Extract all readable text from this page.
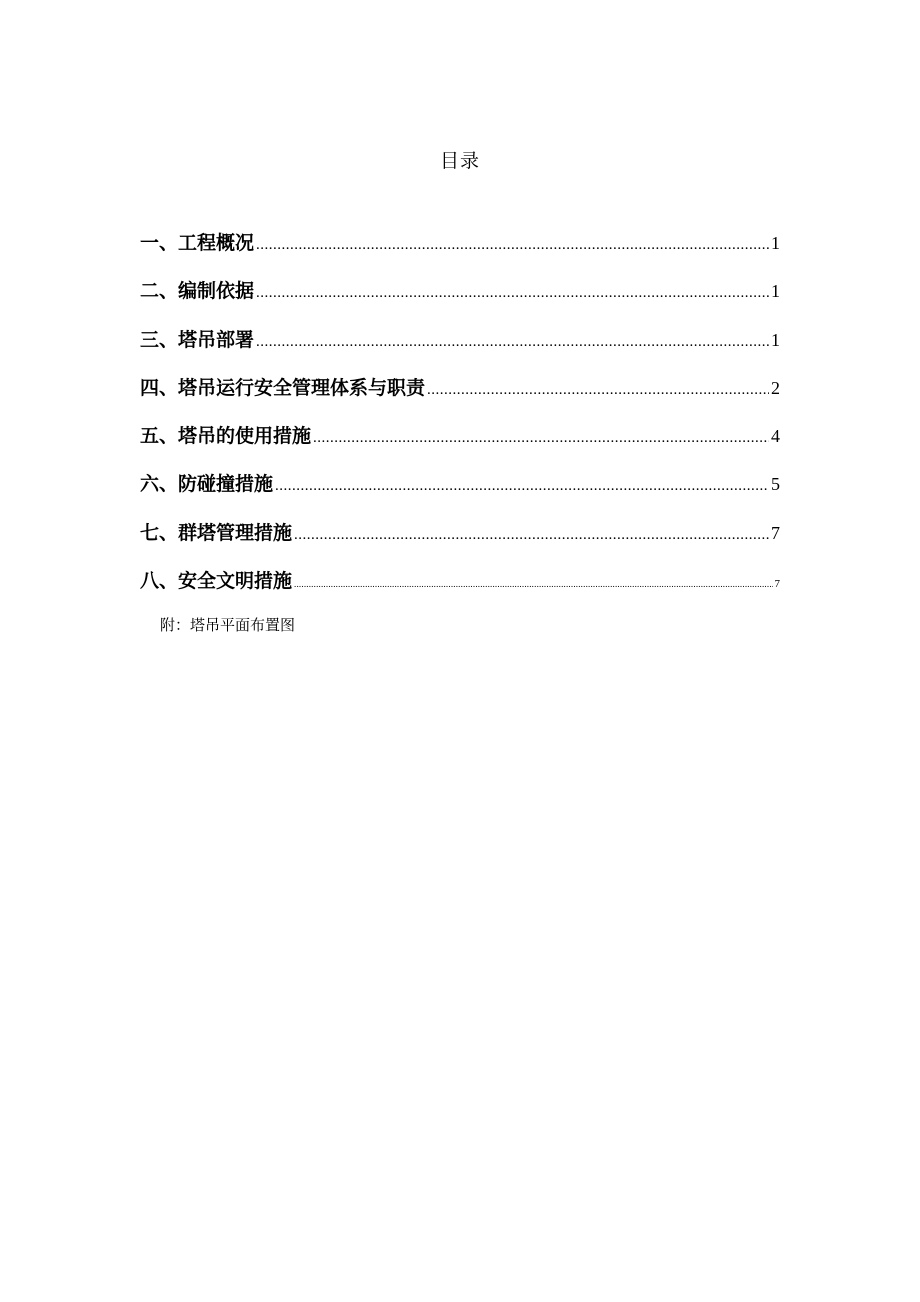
目录
一、工程概况 .....	1
二、编制依据 .....	1
三、塔吊部署 .....	1
四、塔吊运行安全管理体系与职责 .....	2
五、塔吊的使用措施 .....	4
六、防碰撞措施 .....	5
七、群塔管理措施 .....	7
八、安全文明措施 .....	7
附：塔吊平面布置图
